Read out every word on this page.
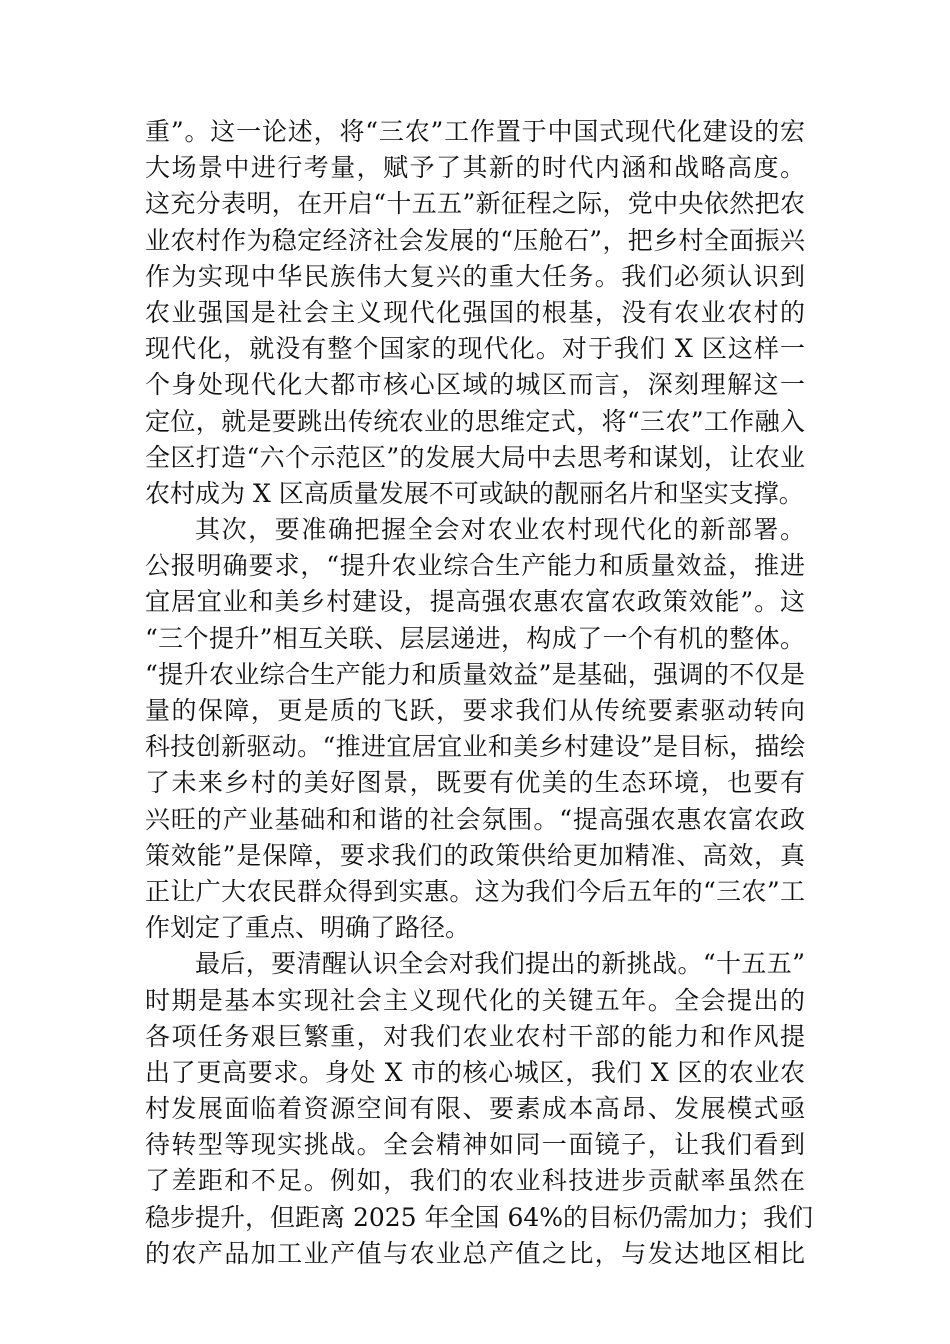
重”。这一论述，将“三农”工作置于中国式现代化建设的宏
大场景中进行考量，赋予了其新的时代内涵和战略高度。
这充分表明，在开启“十五五”新征程之际，党中央依然把农
业农村作为稳定经济社会发展的“压舱石”，把乡村全面振兴
作为实现中华民族伟大复兴的重大任务。我们必须认识到
农业强国是社会主义现代化强国的根基，没有农业农村的
现代化，就没有整个国家的现代化。对于我们 X 区这样一
个身处现代化大都市核心区域的城区而言，深刻理解这一
定位，就是要跳出传统农业的思维定式，将“三农”工作融入
全区打造“六个示范区”的发展大局中去思考和谋划，让农业
农村成为 X 区高质量发展不可或缺的靓丽名片和坚实支撑。
其次，要准确把握全会对农业农村现代化的新部署。
公报明确要求，“提升农业综合生产能力和质量效益，推进
宜居宜业和美乡村建设，提高强农惠农富农政策效能”。这
“三个提升”相互关联、层层递进，构成了一个有机的整体。
“提升农业综合生产能力和质量效益”是基础，强调的不仅是
量的保障，更是质的飞跃，要求我们从传统要素驱动转向
科技创新驱动。“推进宜居宜业和美乡村建设”是目标，描绘
了未来乡村的美好图景，既要有优美的生态环境，也要有
兴旺的产业基础和和谐的社会氛围。“提高强农惠农富农政
策效能”是保障，要求我们的政策供给更加精准、高效，真
正让广大农民群众得到实惠。这为我们今后五年的“三农”工
作划定了重点、明确了路径。
最后，要清醒认识全会对我们提出的新挑战。“十五五”
时期是基本实现社会主义现代化的关键五年。全会提出的
各项任务艰巨繁重，对我们农业农村干部的能力和作风提
出了更高要求。身处 X 市的核心城区，我们 X 区的农业农
村发展面临着资源空间有限、要素成本高昂、发展模式亟
待转型等现实挑战。全会精神如同一面镜子，让我们看到
了差距和不足。例如，我们的农业科技进步贡献率虽然在
稳步提升，但距离 2025 年全国 64%的目标仍需加力；我们
的农产品加工业产值与农业总产值之比，与发达地区相比
